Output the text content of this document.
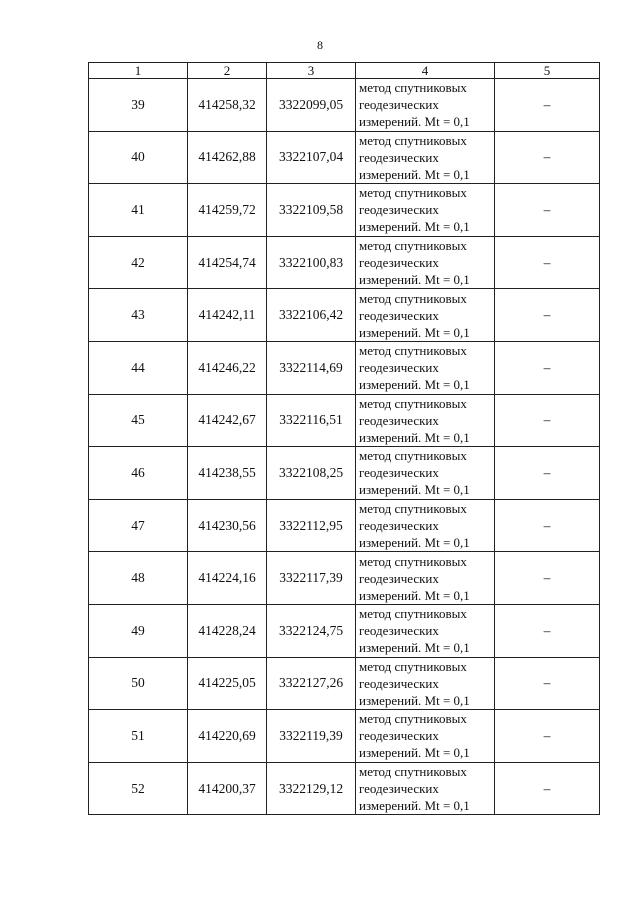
8
1	2	3	4	5
39	414258,32	3322099,05	метод спутниковых
геодезических
измерений. Mt = 0,1	–
40	414262,88	3322107,04	метод спутниковых
геодезических
измерений. Mt = 0,1	–
41	414259,72	3322109,58	метод спутниковых
геодезических
измерений. Mt = 0,1	–
42	414254,74	3322100,83	метод спутниковых
геодезических
измерений. Mt = 0,1	–
43	414242,11	3322106,42	метод спутниковых
геодезических
измерений. Mt = 0,1	–
44	414246,22	3322114,69	метод спутниковых
геодезических
измерений. Mt = 0,1	–
45	414242,67	3322116,51	метод спутниковых
геодезических
измерений. Mt = 0,1	–
46	414238,55	3322108,25	метод спутниковых
геодезических
измерений. Mt = 0,1	–
47	414230,56	3322112,95	метод спутниковых
геодезических
измерений. Mt = 0,1	–
48	414224,16	3322117,39	метод спутниковых
геодезических
измерений. Mt = 0,1	–
49	414228,24	3322124,75	метод спутниковых
геодезических
измерений. Mt = 0,1	–
50	414225,05	3322127,26	метод спутниковых
геодезических
измерений. Mt = 0,1	–
51	414220,69	3322119,39	метод спутниковых
геодезических
измерений. Mt = 0,1	–
52	414200,37	3322129,12	метод спутниковых
геодезических
измерений. Mt = 0,1	–
